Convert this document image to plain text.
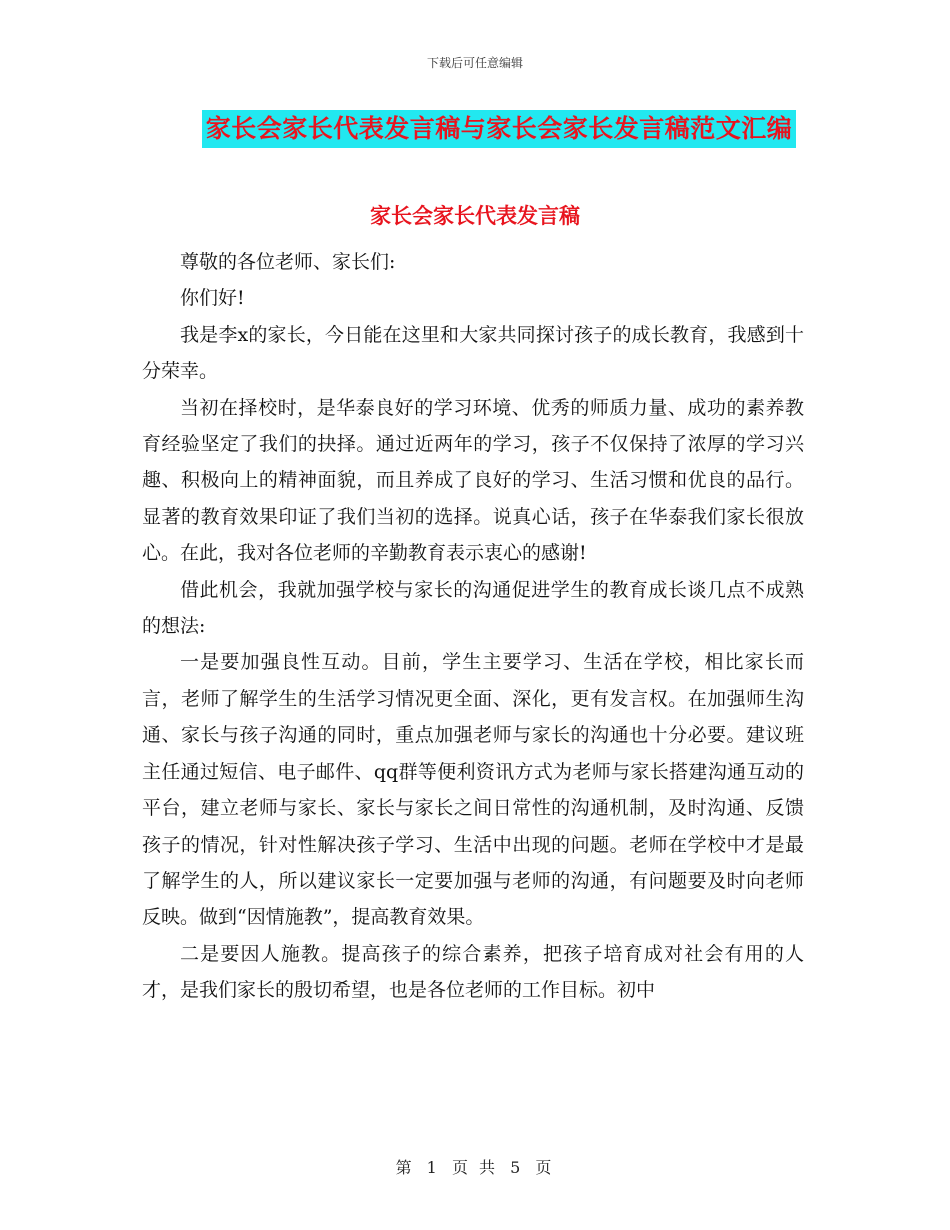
下载后可任意编辑
家长会家长代表发言稿与家长会家长发言稿范文汇编
家长会家长代表发言稿

尊敬的各位老师、家长们:

你们好!

我是李x的家长，今日能在这里和大家共同探讨孩子的成长教育，我感到十分荣幸。

当初在择校时，是华泰良好的学习环境、优秀的师质力量、成功的素养教育经验坚定了我们的抉择。通过近两年的学习，孩子不仅保持了浓厚的学习兴趣、积极向上的精神面貌，而且养成了良好的学习、生活习惯和优良的品行。显著的教育效果印证了我们当初的选择。说真心话，孩子在华泰我们家长很放心。在此，我对各位老师的辛勤教育表示衷心的感谢!

借此机会，我就加强学校与家长的沟通促进学生的教育成长谈几点不成熟的想法:

一是要加强良性互动。目前，学生主要学习、生活在学校，相比家长而言，老师了解学生的生活学习情况更全面、深化，更有发言权。在加强师生沟通、家长与孩子沟通的同时，重点加强老师与家长的沟通也十分必要。建议班主任通过短信、电子邮件、qq群等便利资讯方式为老师与家长搭建沟通互动的平台，建立老师与家长、家长与家长之间日常性的沟通机制，及时沟通、反馈孩子的情况，针对性解决孩子学习、生活中出现的问题。老师在学校中才是最了解学生的人，所以建议家长一定要加强与老师的沟通，有问题要及时向老师反映。做到“因情施教”，提高教育效果。

二是要因人施教。提高孩子的综合素养，把孩子培育成对社会有用的人才，是我们家长的殷切希望，也是各位老师的工作目标。初中

第 1 页 共 5 页
